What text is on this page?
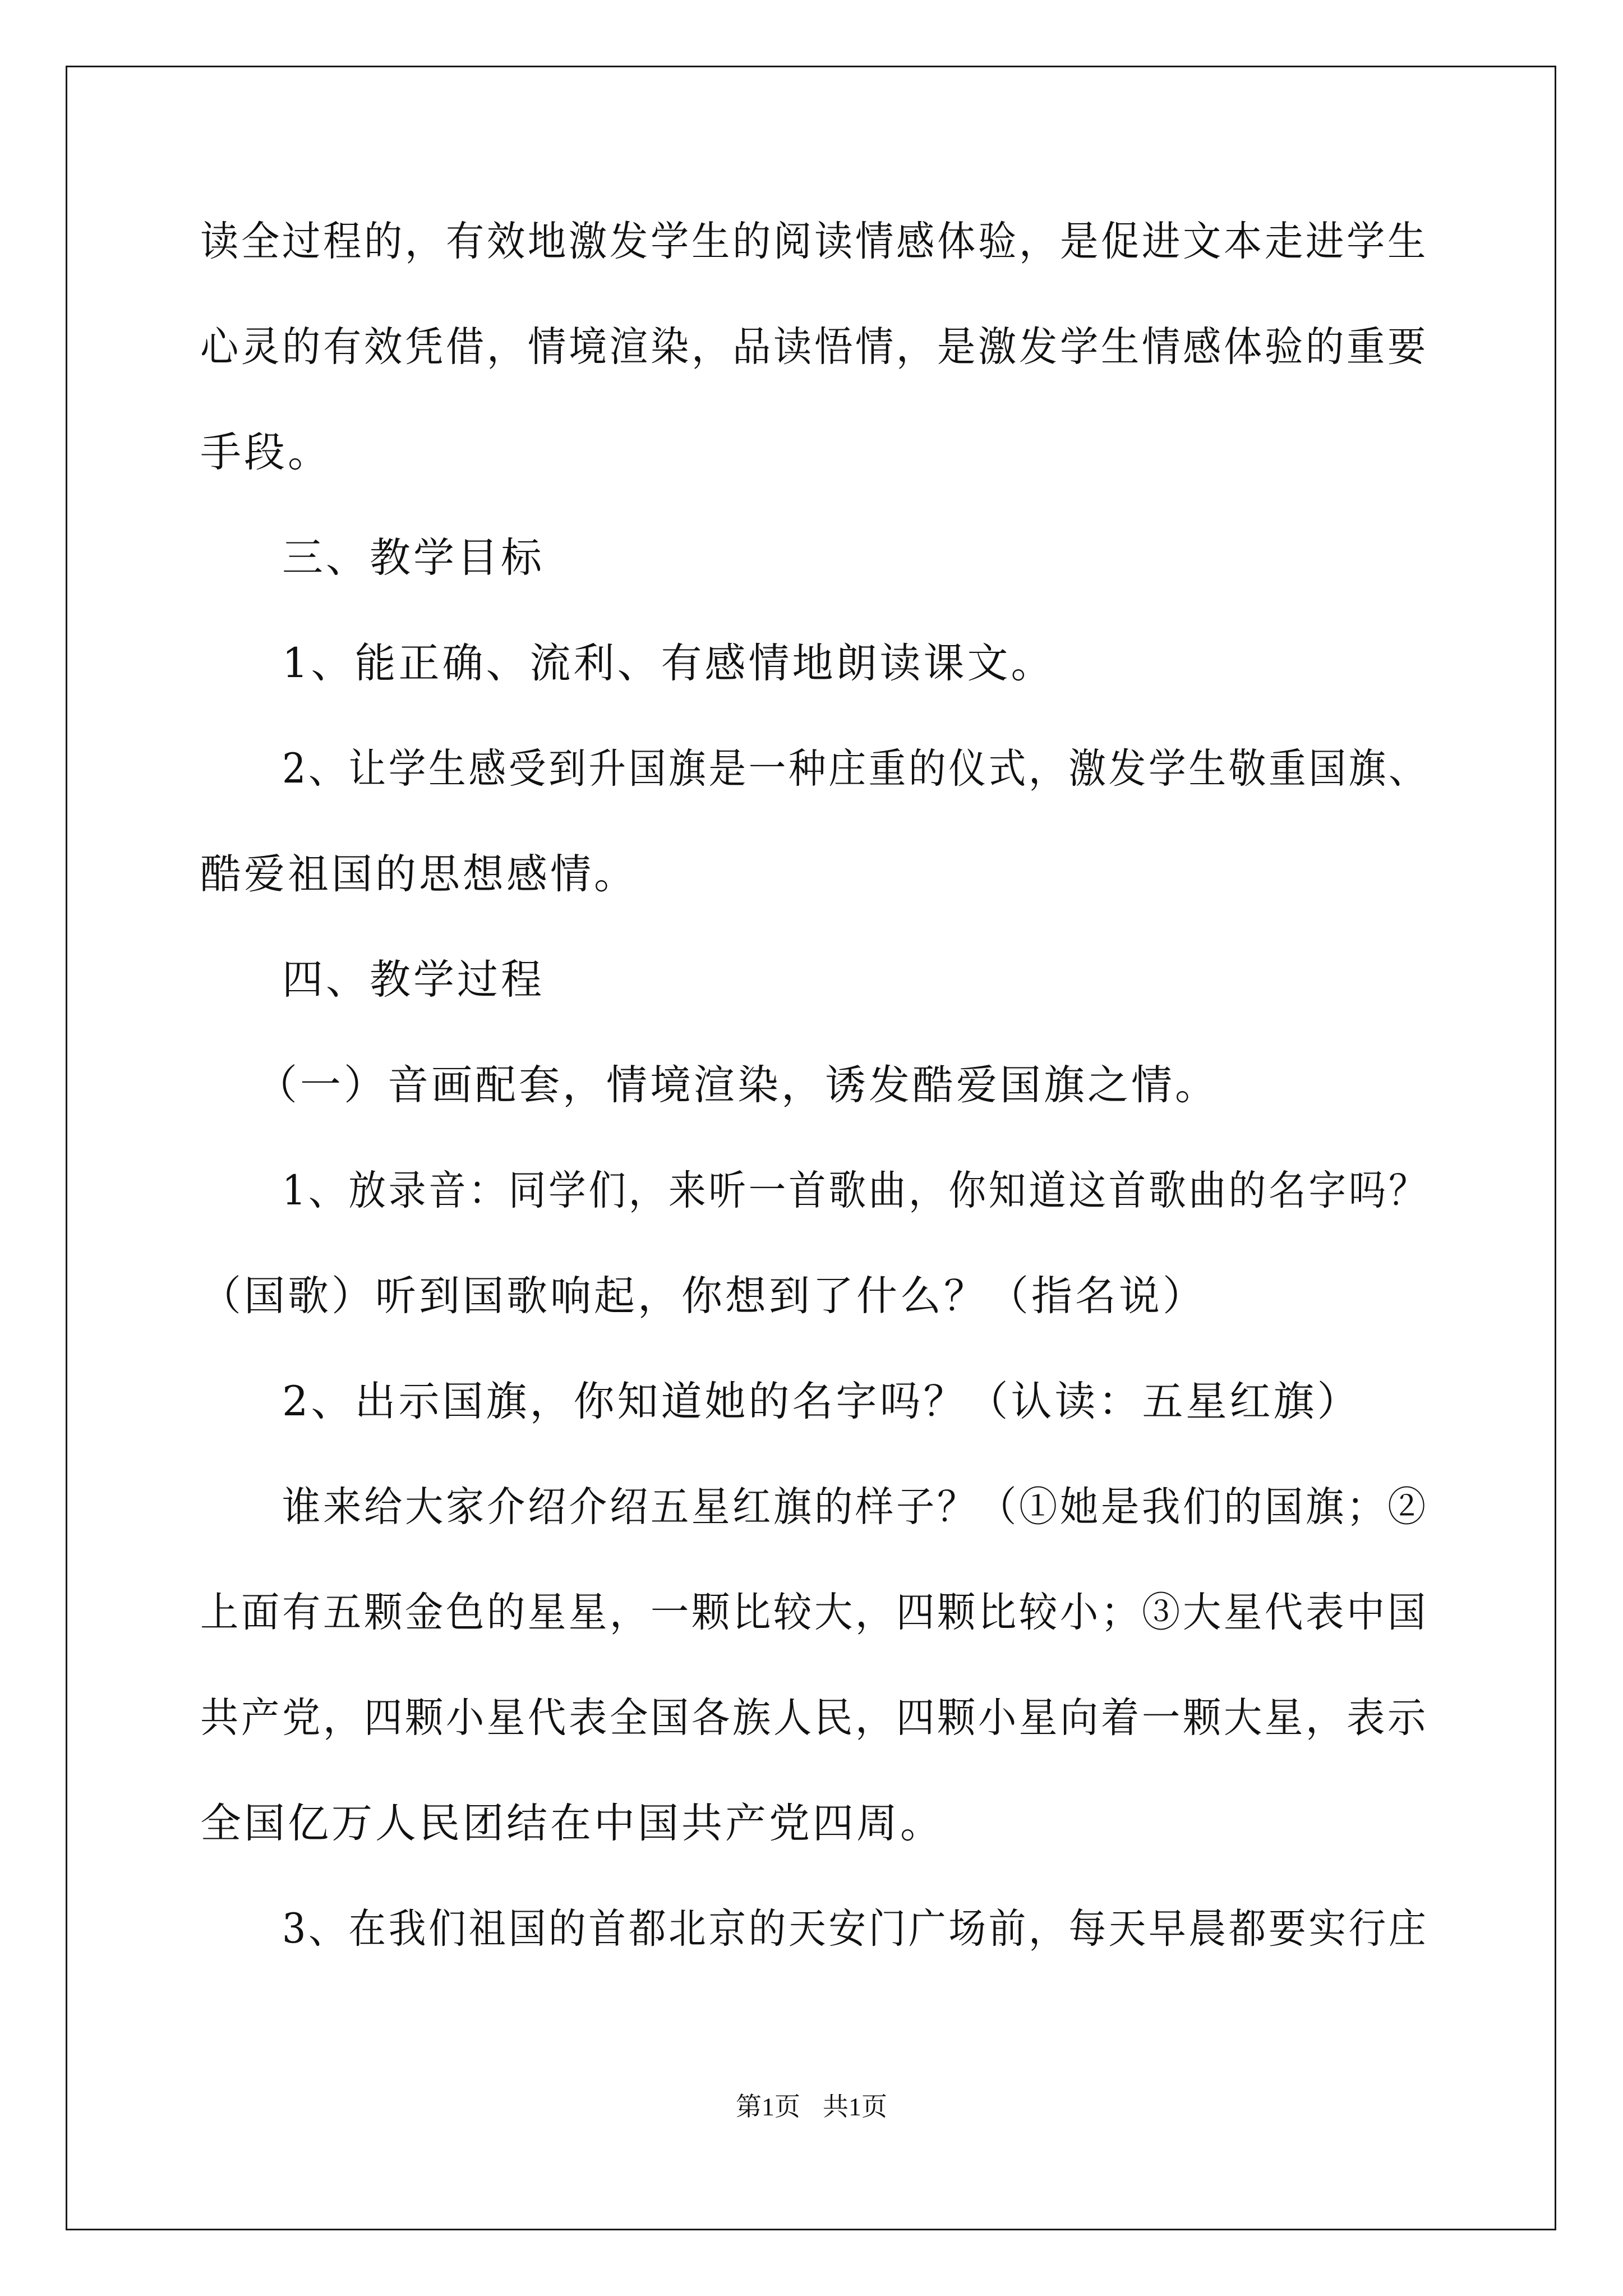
读全过程的，有效地激发学生的阅读情感体验，是促进文本走进学生
心灵的有效凭借，情境渲染，品读悟情，是激发学生情感体验的重要
手段。
三、教学目标
1、能正确、流利、有感情地朗读课文。
2、让学生感受到升国旗是一种庄重的仪式，激发学生敬重国旗、
酷爱祖国的思想感情。
四、教学过程
（一）音画配套，情境渲染，诱发酷爱国旗之情。
1、放录音：同学们，来听一首歌曲，你知道这首歌曲的名字吗？
（国歌）听到国歌响起，你想到了什么？（指名说）
2、出示国旗，你知道她的名字吗？（认读：五星红旗）
谁来给大家介绍介绍五星红旗的样子？（①她是我们的国旗；②
上面有五颗金色的星星，一颗比较大，四颗比较小；③大星代表中国
共产党，四颗小星代表全国各族人民，四颗小星向着一颗大星，表示
全国亿万人民团结在中国共产党四周。
3、在我们祖国的首都北京的天安门广场前，每天早晨都要实行庄
第1页 共1页
